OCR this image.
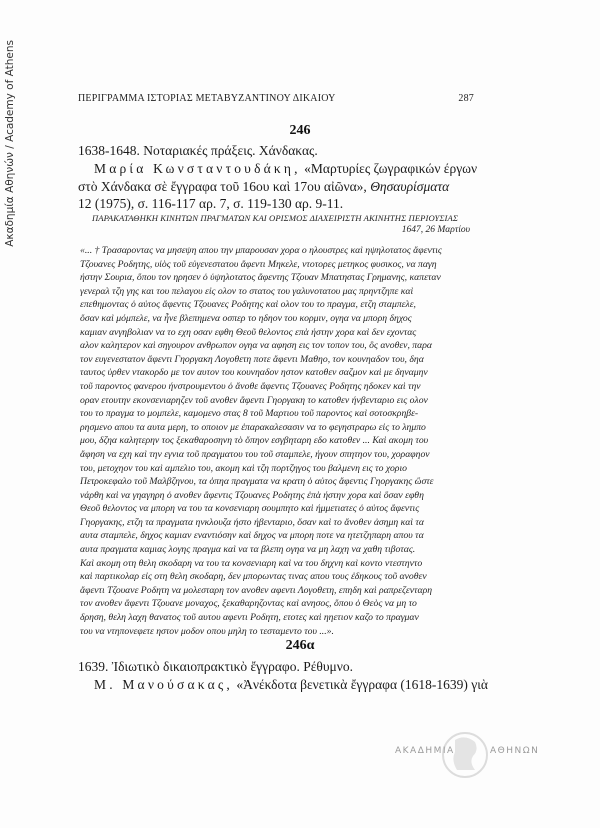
Ακαδημία Αθηνών / Academy of Athens	ΠΕΡΙΓΡΑΜΜΑ ΙΣΤΟΡΙΑΣ ΜΕΤΑΒΥΖΑΝΤΙΝΟΥ ΔΙΚΑΙΟΥ	287
246
1638-1648. Νοταριακές πράξεις. Χάνδακας.
Μαρία Κωνσταντουδάκη, «Μαρτυρίες ζωγραφικών έργων
στὸ Χάνδακα σὲ ἔγγραφα τοῦ 16ου καὶ 17ου αἰῶνα», Θησαυρίσματα
12 (1975), σ. 116-117 αρ. 7, σ. 119-130 αρ. 9-11.
ΠΑΡΑΚΑΤΑΘΗΚΗ ΚΙΝΗΤΩΝ ΠΡΑΓΜΑΤΩΝ ΚΑΙ ΟΡΙΣΜΟΣ ΔΙΑΧΕΙΡΙΣΤΗ ΑΚΙΝΗΤΗΣ ΠΕΡΙΟΥΣΙΑΣ
1647, 26 Μαρτίου
«... † Τρασαροντας να μησεψη απου την μπαρουσαν χορα ο ηλουστρες καὶ ηψηλοτατος ἄφεντις
Τζουανες Ροδητης, υἱὸς τοῦ εὐγενεστατου ἄφεντι Μηκελε, ντοτορες μετηκος φυσικος, να παγη
ήστην Σουρια, ὅπου τον ηρησεν ὁ ὑψηλοτατος ἄφεντης Τζουαν Μπατηστας Γρημανης, καπεταν
γενεραλ τζη γης και του πελαγου εἰς ολον το στατος του γαλυνοτατου μας πρηντζηπε καὶ
επεθημοντας ὁ αὐτος ἄφεντις Τζουανες Ροδητης καὶ ολον του το πραγμα, ετζη σταμπελε,
ὅσαν καὶ μόμπελε, να ἦνε βλεπημενα οσπερ το ηδηον του κορμιν, ογηα να μπορη δηχος
καμιαν ανγηβολιαν να το εχη οσαν εφθη Θεοῦ θελοντος επὰ ήστην χορα καὶ δεν εχοντας
αλον καλητερον καὶ σηγουρον ανθρωπον ογηα να αφηση εις τον τοπον του, ὃς ανοθεν, παρα
τον ευγενεστατον ἄφεντι Γηοργακη Λογοθετη ποτε ἄφεντι Μαθηο, τον κουνηαδον του, δηα
ταυτος ὑρθεν ντακορδο με τον αυτον του κουνηαδον ηστον κατοθεν σαζμον καὶ με δηναμην
τοῦ παροντος φανερου ήνστρουμεντου ὁ ἄνοθε ἄφεντις Τζουανες Ροδητης ηδοκεν καὶ την
οραν ετουτην εκονσενιαρηζεν τοῦ ανοθεν ἄφεντι Γηοργακη το κατοθεν ήνβενταριο εις ολον
του το πραγμα το μομπελε, καμομενο στας 8 τοῦ Μαρτιου τοῦ παροντος καὶ σοτοσκρηβε-
ρησμενο απου τα αυτα μερη, το οποιον με ἐπαρακαλεσασιν να το φεγηστραρω εἰς το λημπο
μου, δζηα καλητερην τος ξεκαθαροσηνη τὸ ὅπηον εσγβηταρη εδο κατοθεν ... Καὶ ακομη του
ἄφηση να εχη καὶ την εγνια τοῦ πραγματου του τοῦ σταμπελε, ήγουν σπητηον του, χοραφηον
του, μετοχηον του καὶ αμπελιο του, ακομη καὶ τζη πορτζηγος του βαλμενη εις το χοριο
Πετροκεφαλο τοῦ Μαλβζηνου, τα ὀπηα πραγματα να κρατη ὁ αὐτος ἄφεντις Γηοργακης ὥστε
νάρθη καὶ να γηαγηρη ὁ ανοθεν ἄφεντις Τζουανες Ροδητης ἐπὰ ήστην χορα καὶ ὅσαν εφθη
Θεοῦ θελοντος να μπορη να του τα κονσενιαρη σουμπητο καὶ ήμμετιατες ὁ αὐτος ἄφεντις
Γηοργακης, ετζη τα πραγματα ηνκλουζα ήστο ήβενταριο, ὅσαν καὶ το ἄνοθεν ἀσημη καὶ τα
αυτα σταμπελε, δηχος καμιαν εναντιόσην καὶ δηχος να μπορη ποτε να ητετζηπαρη απου τα
αυτα πραγματα καμιας λογης πραγμα καὶ να τα βλεπη ογηα να μη λαχη να χαθη τιβοτας.
Καὶ ακομη οτη θελη σκοδαρη να του τα κονσενιαρη καὶ να του δηχνη καὶ κοντο ντεστηντο
καὶ παρτικολαρ εἰς οτη θελη σκοδαρη, δεν μπορωντας τινας απου τους ἐδηκους τοῦ ανοθεν
ἄφεντι Τζουανε Ροδητη να μολεσταρη τον ανοθεν αφεντι Λογοθετη, επηδη καὶ ραπρεζενταρη
τον ανοθεν ἄφεντι Τζουανε μοναχος, ξεκαθαρηζοντας καὶ ανησος, ὅπου ὁ Θεὸς να μη το
δρηση, θελη λαχη θανατος τοῦ αυτου αφεντι Ροδητη, ετοτες καὶ ηηετιον καζο το πραγμαν
του να ντηπονεφετε ηστον μοδον οπου μηλη το τεσταμεντο του ...».
246α
1639. Ἰδιωτικὸ δικαιοπρακτικὸ ἔγγραφο. Ρέθυμνο.
Μ. Μανούσακας, «Ἀνέκδοτα βενετικὰ ἔγγραφα (1618-1639) γιὰ
ΑΚΑΔΗΜΙΑ	ΑΘΗΝΩΝ
